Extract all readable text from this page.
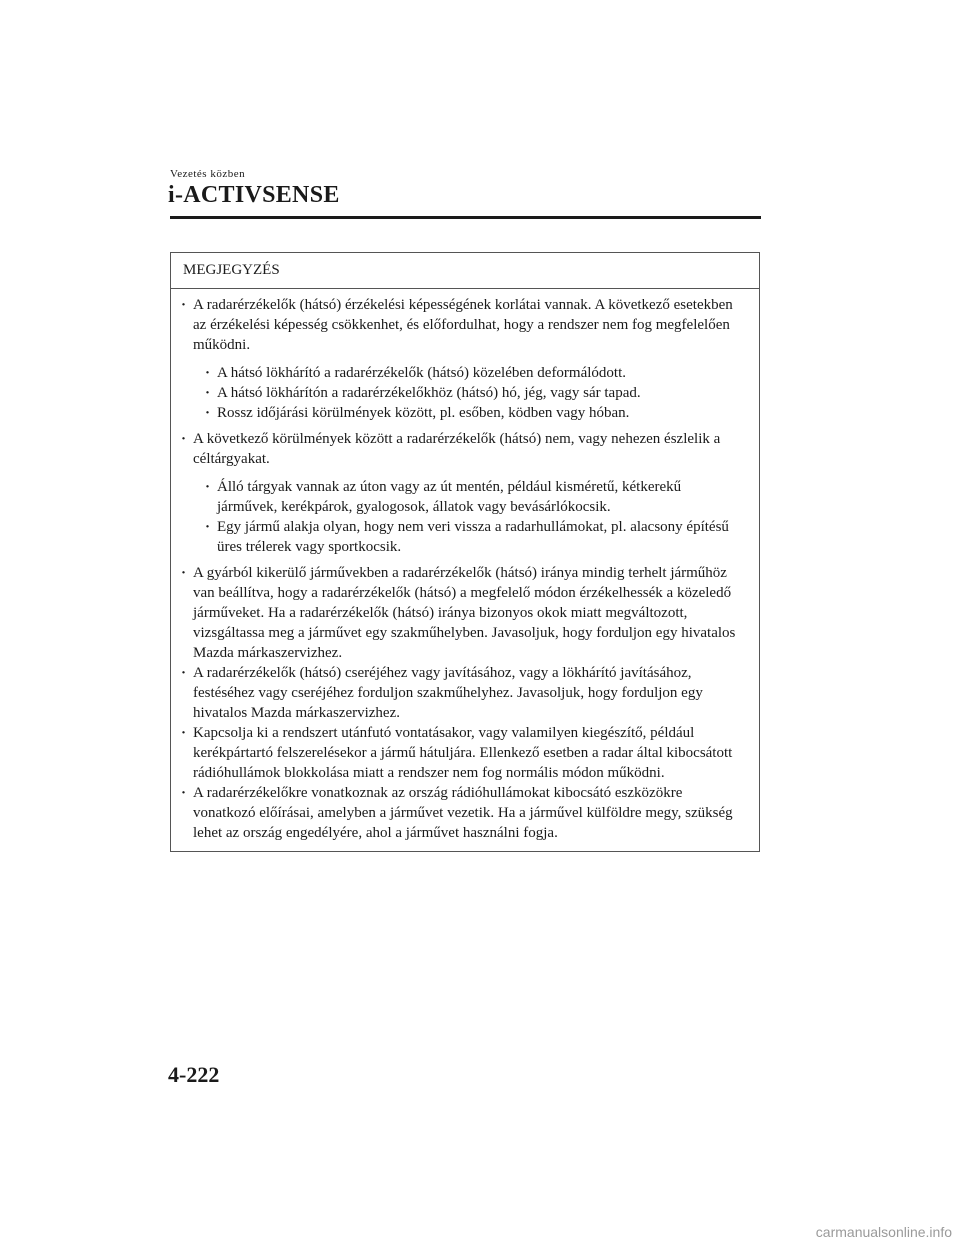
Vezetés közben
i-ACTIVSENSE
MEGJEGYZÉS
· A radarérzékelők (hátsó) érzékelési képességének korlátai vannak. A következő esetekben az érzékelési képesség csökkenhet, és előfordulhat, hogy a rendszer nem fog megfelelően működni.
· A hátsó lökhárító a radarérzékelők (hátsó) közelében deformálódott.
· A hátsó lökhárítón a radarérzékelőkhöz (hátsó) hó, jég, vagy sár tapad.
· Rossz időjárási körülmények között, pl. esőben, ködben vagy hóban.
· A következő körülmények között a radarérzékelők (hátsó) nem, vagy nehezen észlelik a céltárgyakat.
· Álló tárgyak vannak az úton vagy az út mentén, például kisméretű, kétkerekű járművek, kerékpárok, gyalogosok, állatok vagy bevásárlókocsik.
· Egy jármű alakja olyan, hogy nem veri vissza a radarhullámokat, pl. alacsony építésű üres trélerek vagy sportkocsik.
· A gyárból kikerülő járművekben a radarérzékelők (hátsó) iránya mindig terhelt járműhöz van beállítva, hogy a radarérzékelők (hátsó) a megfelelő módon érzékelhessék a közeledő járműveket. Ha a radarérzékelők (hátsó) iránya bizonyos okok miatt megváltozott, vizsgáltassa meg a járművet egy szakműhelyben. Javasoljuk, hogy forduljon egy hivatalos Mazda márkaszervizhez.
· A radarérzékelők (hátsó) cseréjéhez vagy javításához, vagy a lökhárító javításához, festéséhez vagy cseréjéhez forduljon szakműhelyhez. Javasoljuk, hogy forduljon egy hivatalos Mazda márkaszervizhez.
· Kapcsolja ki a rendszert utánfutó vontatásakor, vagy valamilyen kiegészítő, például kerékpártartó felszerelésekor a jármű hátuljára. Ellenkező esetben a radar által kibocsátott rádióhullámok blokkolása miatt a rendszer nem fog normális módon működni.
· A radarérzékelőkre vonatkoznak az ország rádióhullámokat kibocsátó eszközökre vonatkozó előírásai, amelyben a járművet vezetik. Ha a járművel külföldre megy, szükség lehet az ország engedélyére, ahol a járművet használni fogja.
4-222
carmanualsonline.info
